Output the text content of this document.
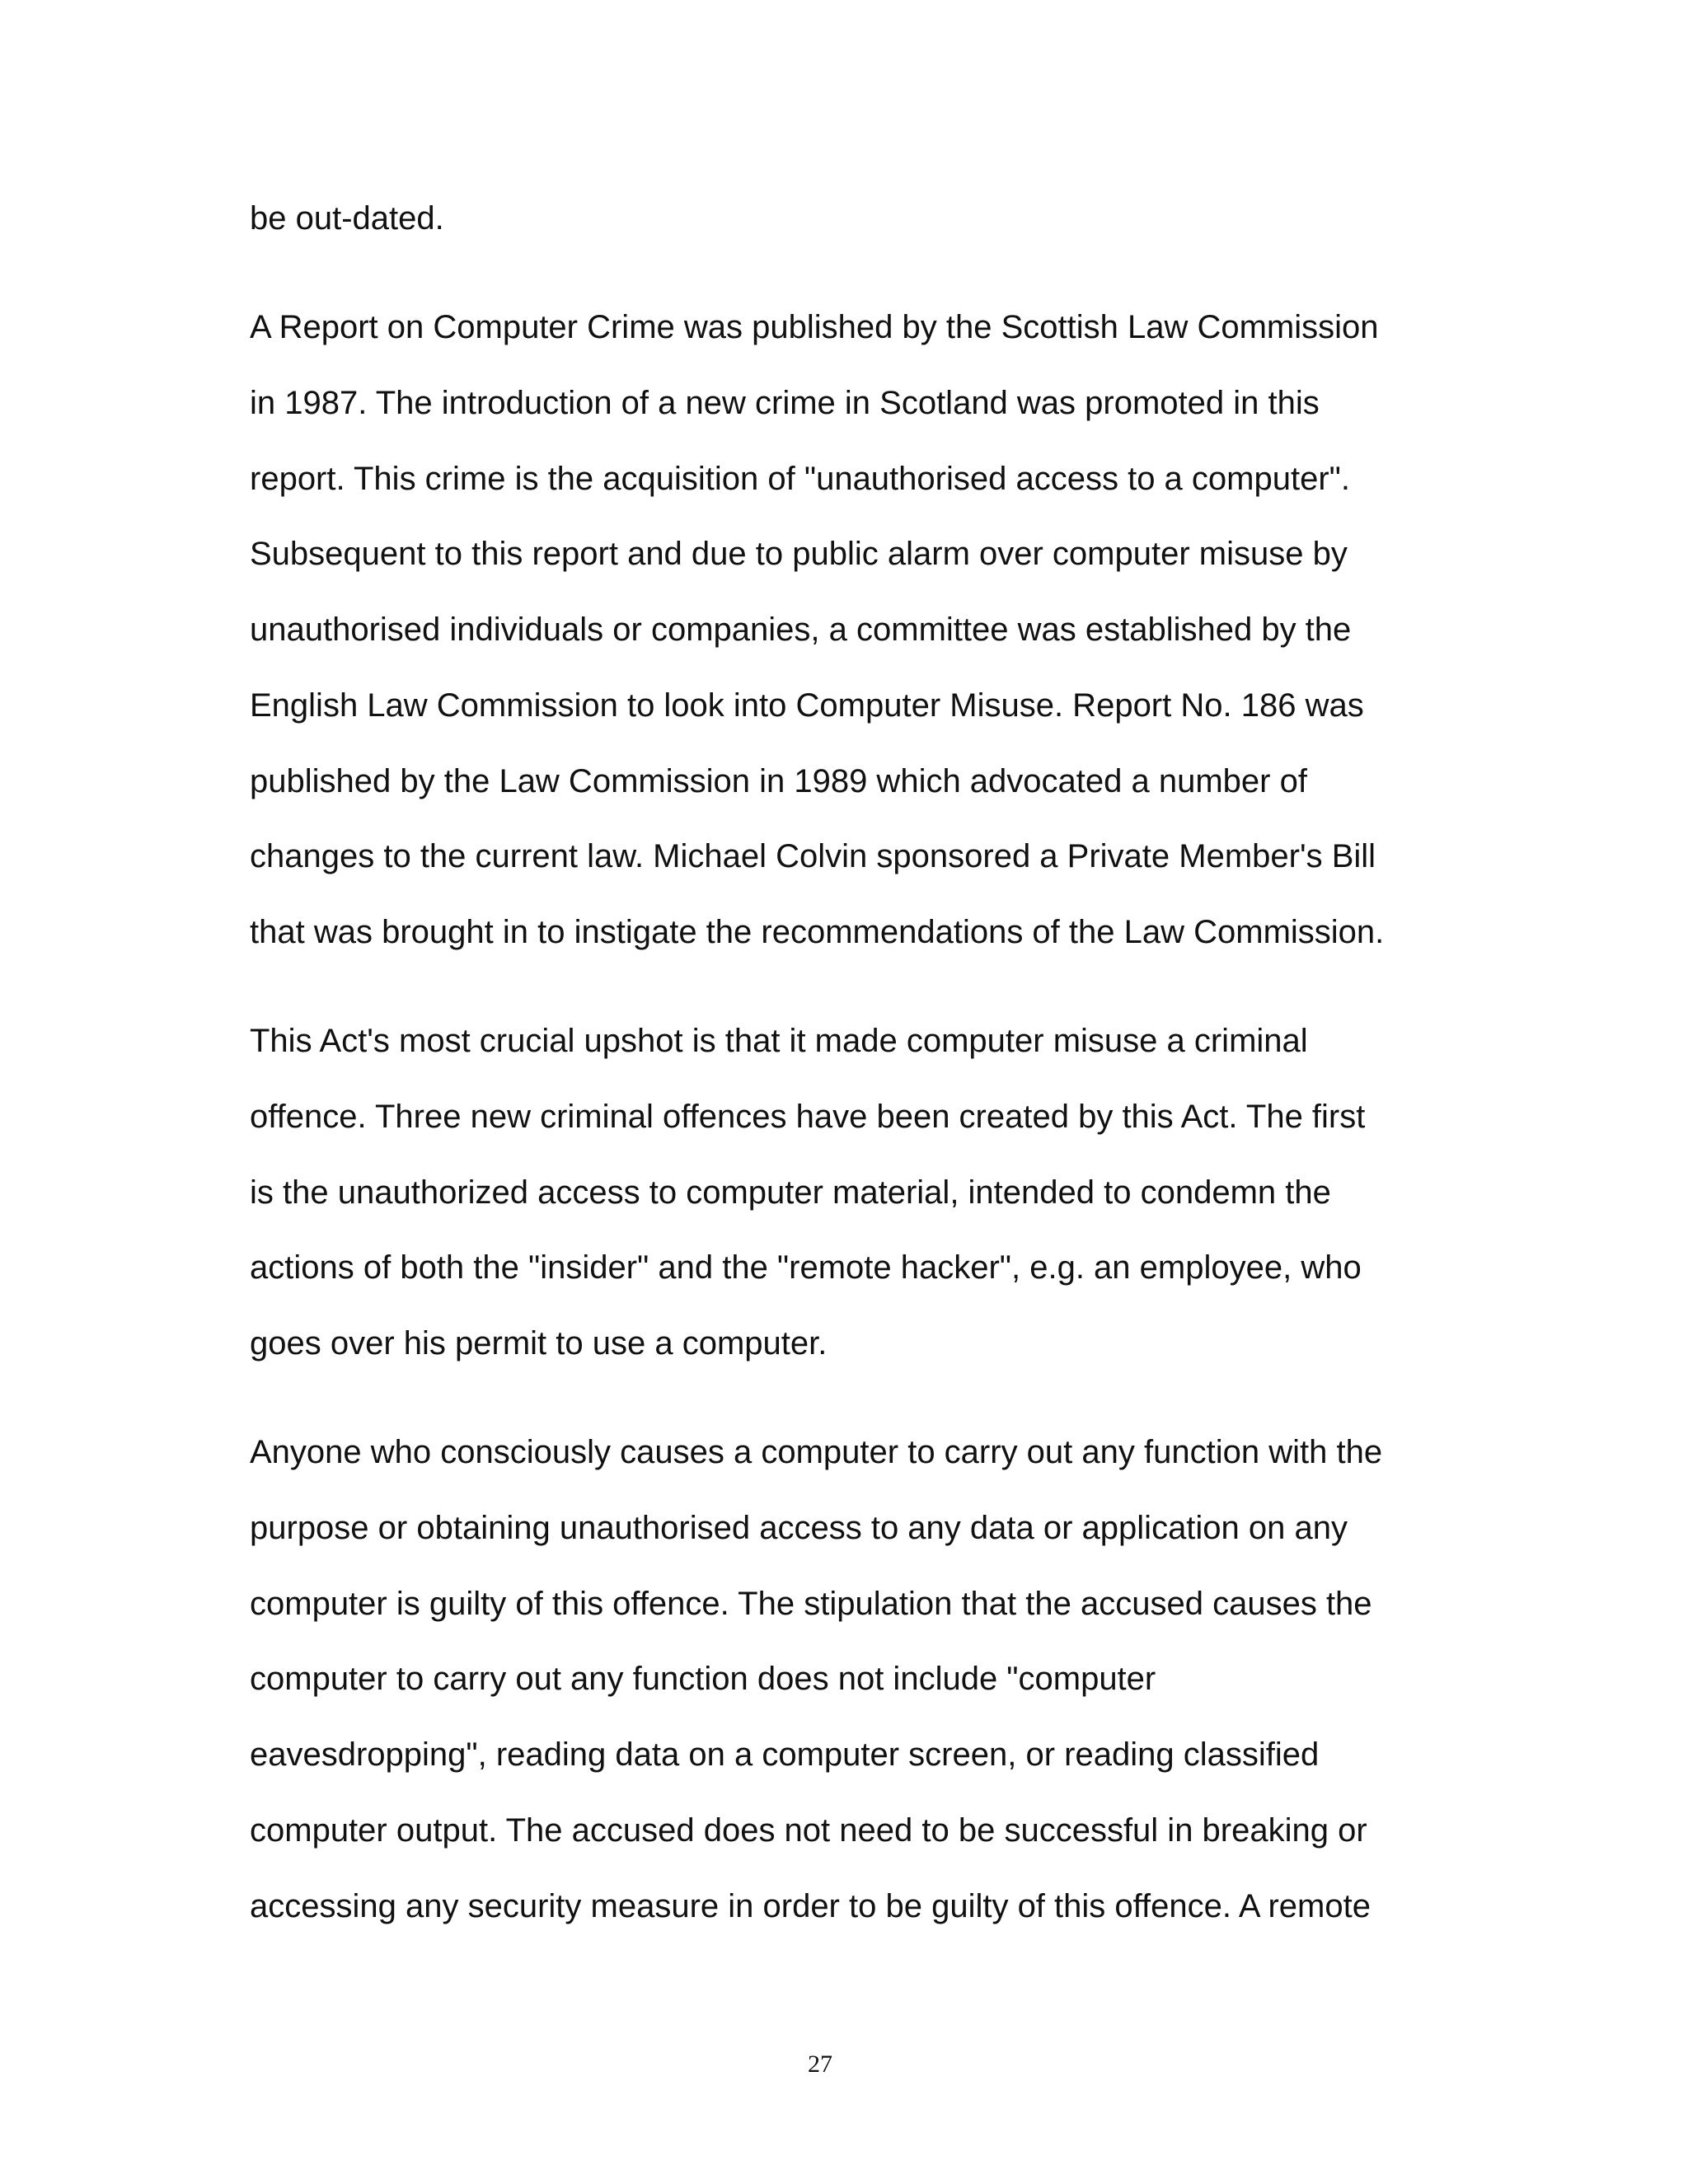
be out-dated.

A Report on Computer Crime was published by the Scottish Law Commission

in 1987. The introduction of a new crime in Scotland was promoted in this

report. This crime is the acquisition of "unauthorised access to a computer".

Subsequent to this report and due to public alarm over computer misuse by

unauthorised individuals or companies, a committee was established by the

English Law Commission to look into Computer Misuse. Report No. 186 was

published by the Law Commission in 1989 which advocated a number of

changes to the current law. Michael Colvin sponsored a Private Member's Bill

that was brought in to instigate the recommendations of the Law Commission.

This Act's most crucial upshot is that it made computer misuse a criminal

offence. Three new criminal offences have been created by this Act. The first

is the unauthorized access to computer material, intended to condemn the

actions of both the "insider" and the "remote hacker", e.g. an employee, who

goes over his permit to use a computer.

Anyone who consciously causes a computer to carry out any function with the

purpose or obtaining unauthorised access to any data or application on any

computer is guilty of this offence. The stipulation that the accused causes the

computer to carry out any function does not include "computer

eavesdropping", reading data on a computer screen, or reading classified

computer output. The accused does not need to be successful in breaking or

accessing any security measure in order to be guilty of this offence. A remote

27
